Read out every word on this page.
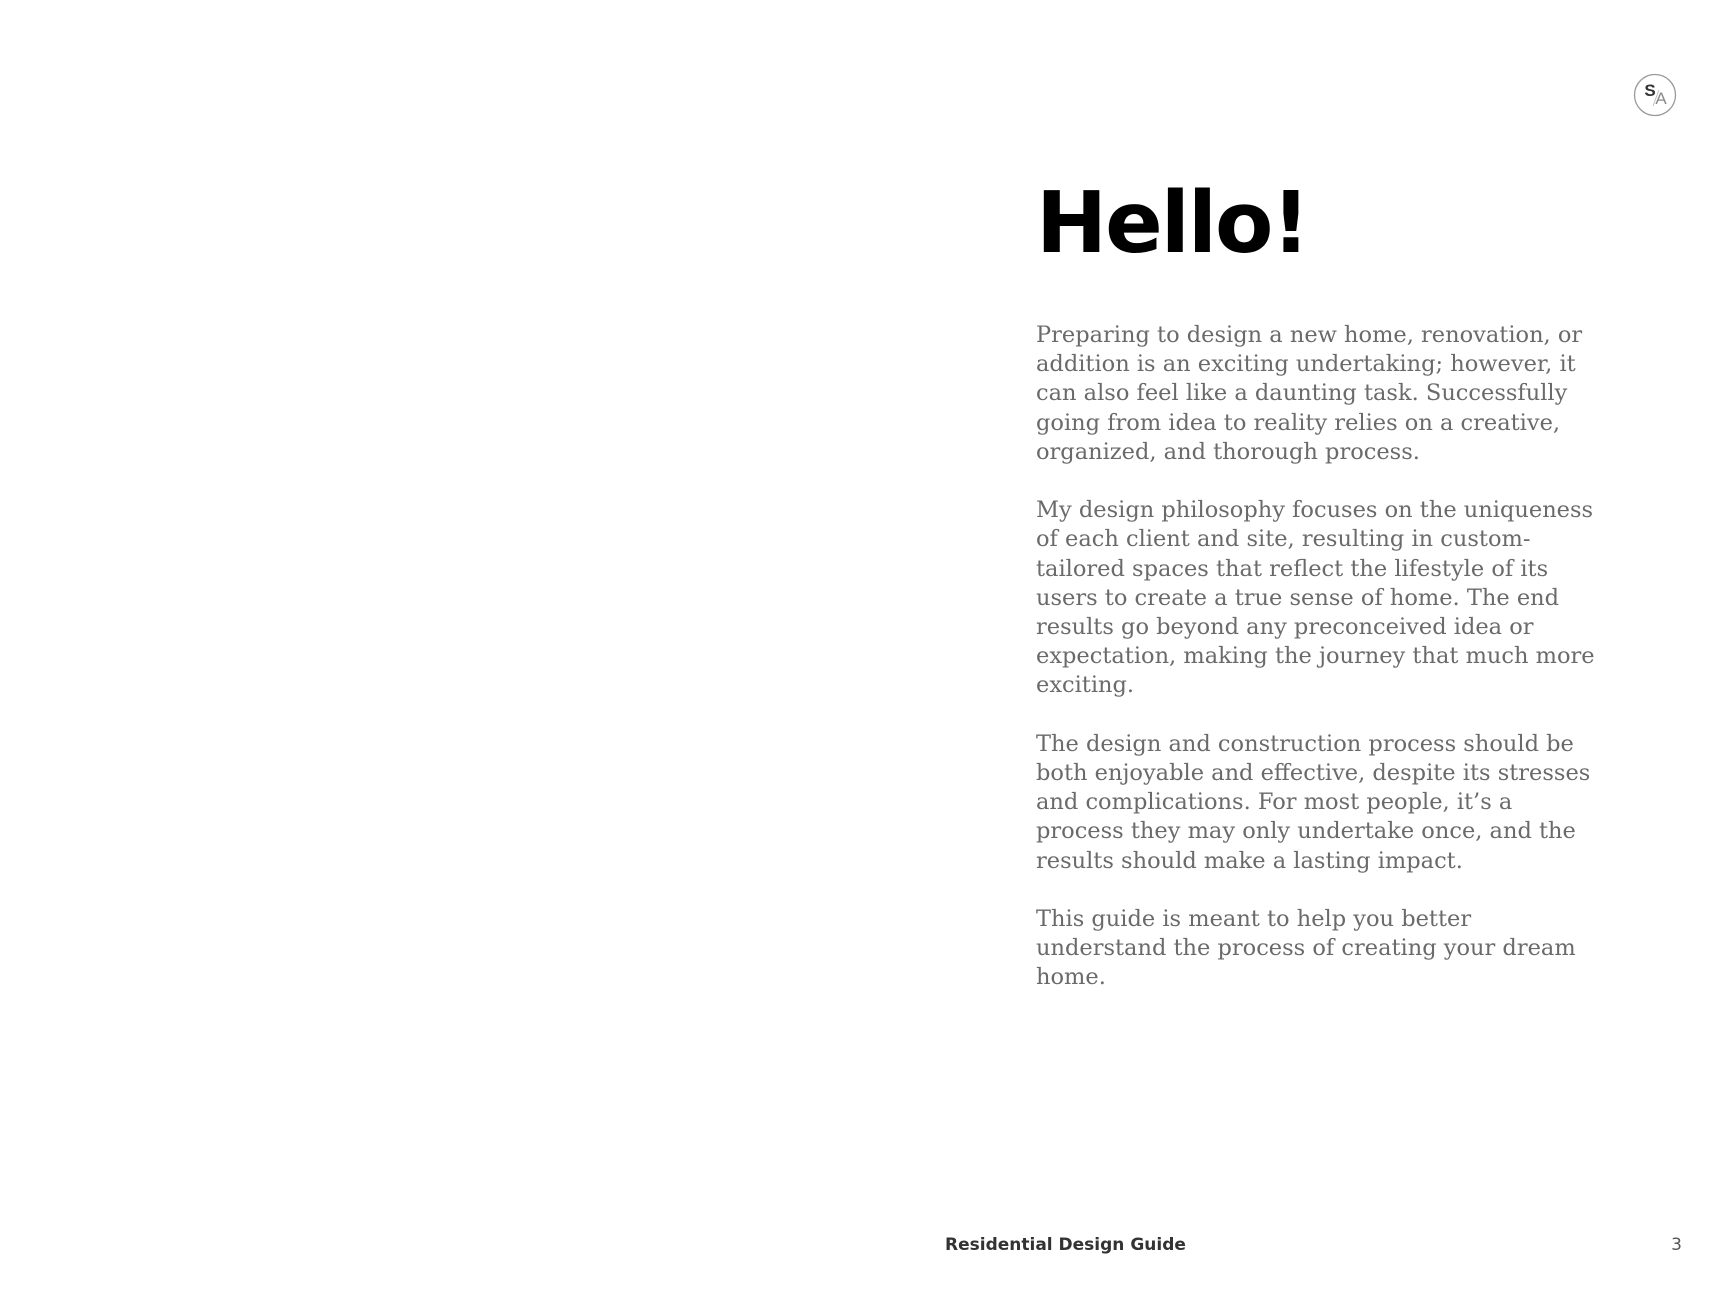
S A
Hello!

Preparing to design a new home, renovation, or addition is an exciting undertaking; however, it can also feel like a daunting task. Successfully going from idea to reality relies on a creative, organized, and thorough process.

My design philosophy focuses on the uniqueness of each client and site, resulting in custom-tailored spaces that reflect the lifestyle of its users to create a true sense of home. The end results go beyond any preconceived idea or expectation, making the journey that much more exciting.

The design and construction process should be both enjoyable and effective, despite its stresses and complications. For most people, it’s a process they may only undertake once, and the results should make a lasting impact.

This guide is meant to help you better understand the process of creating your dream home.

Residential Design Guide	3
